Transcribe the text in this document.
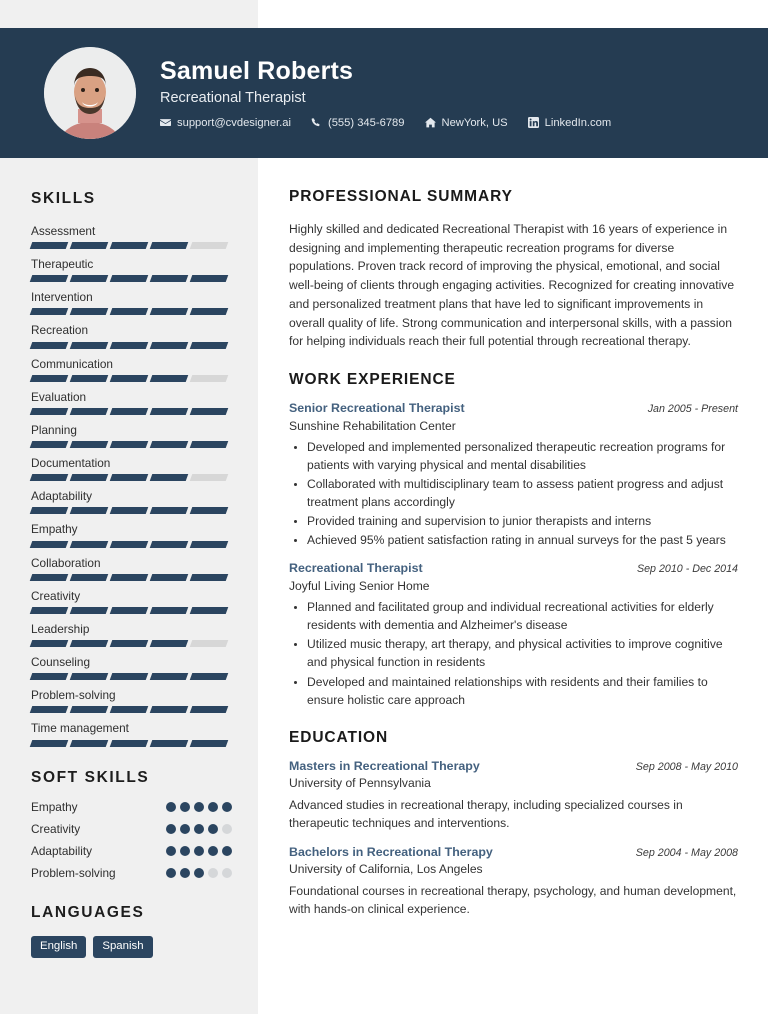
Samuel Roberts
Recreational Therapist
support@cvdesigner.ai	(555) 345-6789	NewYork, US	LinkedIn.com
SKILLS
Assessment
Therapeutic
Intervention
Recreation
Communication
Evaluation
Planning
Documentation
Adaptability
Empathy
Collaboration
Creativity
Leadership
Counseling
Problem-solving
Time management
SOFT SKILLS
Empathy
Creativity
Adaptability
Problem-solving
LANGUAGES
English	Spanish
PROFESSIONAL SUMMARY
Highly skilled and dedicated Recreational Therapist with 16 years of experience in designing and implementing therapeutic recreation programs for diverse populations. Proven track record of improving the physical, emotional, and social well-being of clients through engaging activities. Recognized for creating innovative and personalized treatment plans that have led to significant improvements in overall quality of life. Strong communication and interpersonal skills, with a passion for helping individuals reach their full potential through recreational therapy.
WORK EXPERIENCE
Senior Recreational Therapist	Jan 2005 - Present
Sunshine Rehabilitation Center
• Developed and implemented personalized therapeutic recreation programs for patients with varying physical and mental disabilities
• Collaborated with multidisciplinary team to assess patient progress and adjust treatment plans accordingly
• Provided training and supervision to junior therapists and interns
• Achieved 95% patient satisfaction rating in annual surveys for the past 5 years
Recreational Therapist	Sep 2010 - Dec 2014
Joyful Living Senior Home
• Planned and facilitated group and individual recreational activities for elderly residents with dementia and Alzheimer's disease
• Utilized music therapy, art therapy, and physical activities to improve cognitive and physical function in residents
• Developed and maintained relationships with residents and their families to ensure holistic care approach
EDUCATION
Masters in Recreational Therapy	Sep 2008 - May 2010
University of Pennsylvania
Advanced studies in recreational therapy, including specialized courses in therapeutic techniques and interventions.
Bachelors in Recreational Therapy	Sep 2004 - May 2008
University of California, Los Angeles
Foundational courses in recreational therapy, psychology, and human development, with hands-on clinical experience.
